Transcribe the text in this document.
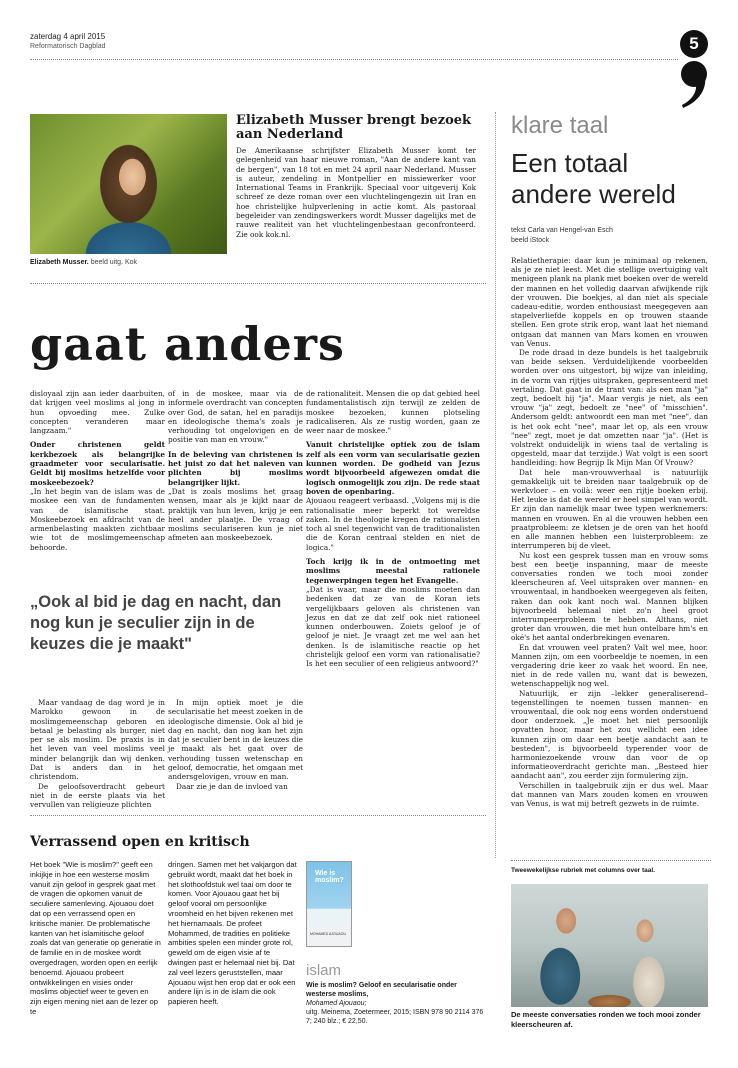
zaterdag 4 april 2015
Reformatorisch Dagblad	5
Elizabeth Musser. beeld uitg. Kok
Elizabeth Musser brengt bezoek aan Nederland
De Amerikaanse schrijfster Elizabeth Musser komt ter gelegenheid van haar nieuwe roman, "Aan de andere kant van de bergen", van 18 tot en met 24 april naar Nederland. Musser is auteur, zendeling in Montpellier en missiewerker voor International Teams in Frankrijk. Speciaal voor uitgeverij Kok schreef ze deze roman over een vluchtelingengezin uit Iran en hoe christelijke hulpverlening in actie komt. Als pastoraal begeleider van zendingswerkers wordt Musser dagelijks met de rauwe realiteit van het vluchtelingenbestaan geconfronteerd. Zie ook kok.nl.
gaat anders

disloyaal zijn aan ieder daarbuiten, dat krijgen veel moslims al jong in hun opvoeding mee. Zulke concepten veranderen maar langzaam."

Onder christenen geldt kerkbezoek als belangrijke graadmeter voor secularisatie. Geldt bij moslims hetzelfde voor moskeebezoek?

„In het begin van de islam was de moskee een van de fundamenten van de islamitische staat. Moskeebezoek en afdracht van de armenbelasting maakten zichtbaar wie tot de moslimgemeenschap behoorde.

of in de moskee, maar via de informele overdracht van concepten over God, de satan, hel en paradijs en ideologische thema's zoals je verhouding tot ongelovigen en de positie van man en vrouw."

In de beleving van christenen is het juist zo dat het naleven van plichten bij moslims belangrijker lijkt.

„Dat is zoals moslims het graag wensen, maar als je kijkt naar de praktijk van hun leven, krijg je een heel ander plaatje. De vraag of moslims seculariseren kun je niet afmeten aan moskeebezoek.

de rationaliteit. Mensen die op dat gebied heel fundamentalistisch zijn terwijl ze zelden de moskee bezoeken, kunnen plotseling radicaliseren. Als ze rustig worden, gaan ze weer naar de moskee."

Vanuit christelijke optiek zou de islam zelf als een vorm van secularisatie gezien kunnen worden. De godheid van Jezus wordt bijvoorbeeld afgewezen omdat die logisch onmogelijk zou zijn. De rede staat boven de openbaring.

Ajouaou reageert verbaasd. „Volgens mij is die rationalisatie meer beperkt tot wereldse zaken. In de theologie kregen de rationalisten toch al snel tegenwicht van de traditionalisten die de Koran centraal stelden en niet de logica."

Toch krijg ik in de ontmoeting met moslims meestal rationele tegenwerpingen tegen het Evangelie.

„Dat is waar, maar die moslims moeten dan bedenken dat ze van de Koran iets vergelijkbaars geloven als christenen van Jezus en dat ze dat zelf ook niet rationeel kunnen onderbouwen. Zoiets geloof je of geloof je niet. Je vraagt zet me wel aan het denken. Is de islamitische reactie op het christelijk geloof een vorm van rationalisatie? Is het een seculier of een religieus antwoord?"

„Ook al bid je dag en nacht, dan nog kun je seculier zijn in de keuzes die je maakt"

Maar vandaag de dag word je in Marokko gewoon in de moslimgemeenschap geboren en betaal je belasting als burger, niet per se als moslim. De praxis is in het leven van veel moslims veel minder belangrijk dan wij denken. Dat is anders dan in het christendom.

De geloofsoverdracht gebeurt niet in de eerste plaats via het vervullen van religieuze plichten

In mijn optiek moet je die secularisatie het meest zoeken in de ideologische dimensie. Ook al bid je dag en nacht, dan nog kan het zijn dat je seculier bent in de keuzes die je maakt als het gaat over de verhouding tussen wetenschap en geloof, democratie, het omgaan met andersgelovigen, vrouw en man.

Daar zie je dan de invloed van

klare taal
Een totaal andere wereld
tekst Carla van Hengel-van Esch
beeld iStock

Relatietherapie: daar kun je minimaal op rekenen, als je ze niet leest. Met die stellige overtuiging valt menigeen plank na plank met boeken over de wereld der mannen en het volledig daarvan afwijkende rijk der vrouwen. Die boekjes, al dan niet als speciale cadeau-editie, worden enthousiast meegegeven aan stapelverliefde koppels en op trouwen staande stellen. Een grote strik erop, want laat het niemand ontgaan dat mannen van Mars komen en vrouwen van Venus.

De rode draad in deze bundels is het taalgebruik van beide seksen. Verduidelijkende voorbeelden worden over ons uitgestort, bij wijze van inleiding, in de vorm van rijtjes uitspraken, gepresenteerd met vertaling. Dat gaat in de trant van: als een man "ja" zegt, bedoelt hij "ja". Maar vergis je niet, als een vrouw "ja" zegt, bedoelt ze "nee" of "misschien". Andersom geldt: antwoordt een man met "nee", dan is het ook echt "nee", maar let op, als een vrouw "nee" zegt, moet je dat omzetten naar "ja". (Het is volstrekt onduidelijk in wiens taal de vertaling is opgesteld, maar dat terzijde.) Wat volgt is een soort handleiding: how Begrijp Ik Mijn Man Of Vrouw?

Dat hele man-vrouwverhaal is natuurlijk gemakkelijk uit te breiden naar taalgebruik op de werkvloer – en voilà: weer een rijtje boeken erbij. Het leuke is dat de wereld er heel simpel van wordt. Er zijn dan namelijk maar twee typen werknemers: mannen en vrouwen. En al die vrouwen hebben een praatprobleem: ze kletsen je de oren van het hoofd en alle mannen hebben een luisterprobleem: ze interrumperen bij de vleet.

Nu kost een gesprek tussen man en vrouw soms best een beetje inspanning, maar de meeste conversaties ronden we toch mooi zonder kleerscheuren af. Veel uitspraken over mannen- en vrouwentaal, in handboeken weergegeven als feiten, raken dan ook kant noch wal. Mannen blijken bijvoorbeeld helemaal niet zo'n heel groot interrumpeerprobleem te hebben. Althans, niet groter dan vrouwen, die met hun ontelbare hm's en oké's het aantal onderbrekingen evenaren.

En dat vrouwen veel praten? Valt wel mee, hoor. Mannen zijn, om een voorbeeldje te noemen, in een vergadering drie keer zo vaak het woord. En nee, niet in de rede vallen nu, want dat is bewezen, wetenschappelijk nog wel.

Natuurlijk, er zijn –lekker generaliserend– tegenstellingen te noemen tussen mannen- en vrouwentaal, die ook nog eens worden onderstuend door onderzoek. „Je moet het niet persoonlijk opvatten hoor, maar het zou wellicht een idee kunnen zijn om daar een beetje aandacht aan te besteden", is bijvoorbeeld typerender voor de harmoniezoekende vrouw dan voor de op informatieoverdracht gerichte man. „Besteed hier aandacht aan", zou eerder zijn formulering zijn.

Verschillen in taalgebruik zijn er dus wel. Maar dat mannen van Mars zouden komen en vrouwen van Venus, is wat mij betreft gezwets in de ruimte.

Tweewekelijkse rubriek met columns over taal.
De meeste conversaties ronden we toch mooi zonder kleerscheuren af.
Verrassend open en kritisch
Het boek "Wie is moslim?" geeft een inkijkje in hoe een westerse moslim vanuit zijn geloof in gesprek gaat met de vragen die opkomen vanuit de seculiere samenleving. Ajouaou doet dat op een verrassend open en kritische manier. De problematische kanten van het islamitische geloof zoals dat van generatie op generatie in de familie en in de moskee wordt overgedragen, worden open en eerlijk benoemd. Ajouaou probeert ontwikkelingen en visies onder moslims objectief weer te geven en zijn eigen mening niet aan de lezer op te
dringen. Samen met het vakjargon dat gebruikt wordt, maakt dat het boek in het slothoofdstuk wel taai om door te komen. Voor Ajouaou gaat het bij geloof vooral om persoonlijke vroomheid en het bijven rekenen met het hiernamaals. De profeet Mohammed, de tradities en politieke ambities spelen een minder grote rol, geweld om de eigen visie af te dwingen past er helemaal niet bij. Dat zal veel lezers geruststellen, maar Ajouaou wijst hen erop dat er ook een andere lijn is in de islam die ook papieren heeft.
Wie is moslim?
MOHAMED AJOUAOU
islam
Wie is moslim? Geloof en secularisatie onder westerse moslims,
Mohamed Ajouaou;
uitg. Meinema, Zoetermeer, 2015; ISBN 978 90 2114 376 7; 240 blz.; € 22,50.
